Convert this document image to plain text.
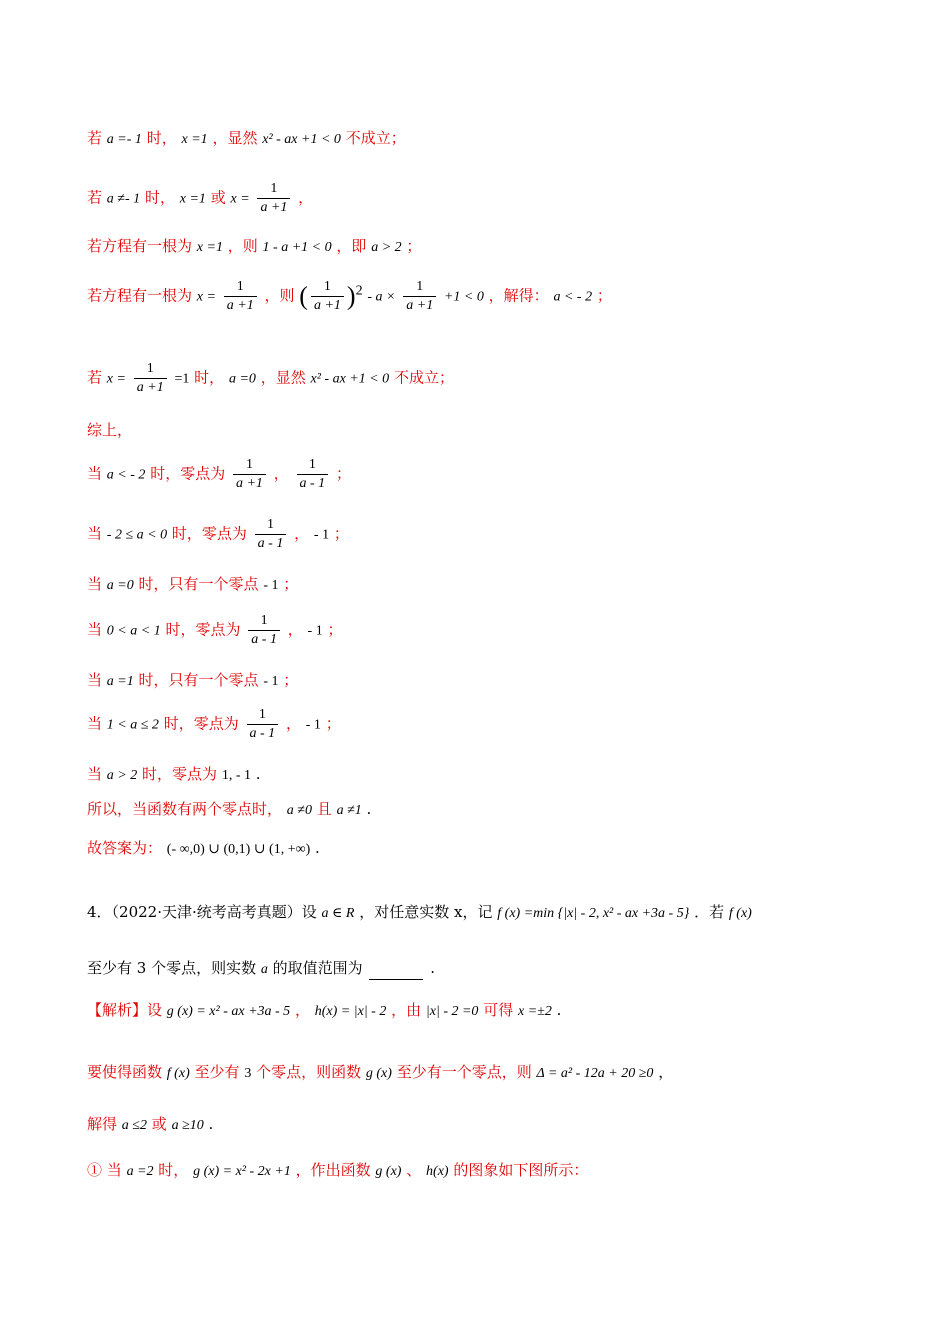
若 a =- 1 时， x =1 ，显然 x² - ax +1 < 0 不成立；
若 a ≠- 1 时， x =1 或 $x = \frac{1}{a +1}$ ，
若方程有一根为 x =1 ，则 1 - a +1 < 0 ，即 a > 2 ；
若方程有一根为 $x = \frac{1}{a +1}$ ，则 ( $\frac{1}{a +1} )^2 - a \times \frac{1}{a +1} +1 < 0$ ，解得： a < - 2 ；
若 $x = \frac{1}{a +1} =1$ 时， a =0 ，显然 x² - ax +1 < 0 不成立；
综上，
当 a < - 2 时，零点为 $\frac{1}{a +1}$ ， $\frac{1}{a - 1}$ ；
当 - 2 ≤ a < 0 时，零点为 $\frac{1}{a - 1}$ ， - 1 ；
当 a =0 时，只有一个零点 - 1 ；
当 0 < a < 1 时，零点为 $\frac{1}{a - 1}$ ， - 1 ；
当 a =1 时，只有一个零点 - 1 ；
当 1 < a ≤ 2 时，零点为 $\frac{1}{a - 1}$ ， - 1 ；
当 a > 2 时，零点为 1, - 1 .
所以，当函数有两个零点时， a ≠0 且 a ≠1 .
故答案为： (- ∞,0) ∪ (0,1) ∪ (1, +∞) .
4．（2022·天津·统考高考真题）设 a ∈ R ，对任意实数 x，记 f (x) =min {|x| - 2, x² - ax +3a - 5} ．若 f (x)
至少有 3 个零点，则实数 a 的取值范围为	.
【解析】设 g (x) = x² - ax +3a - 5 ， h(x) = |x| - 2 ，由 |x| - 2 =0 可得 x =±2 .
要使得函数 f (x) 至少有 3 个零点，则函数 g (x) 至少有一个零点，则 Δ = a² - 12a + 20 ≥0 ，
解得 a ≤2 或 a ≥10 .
① 当 a =2 时， g (x) = x² - 2x +1 ，作出函数 g (x) 、 h(x) 的图象如下图所示：
